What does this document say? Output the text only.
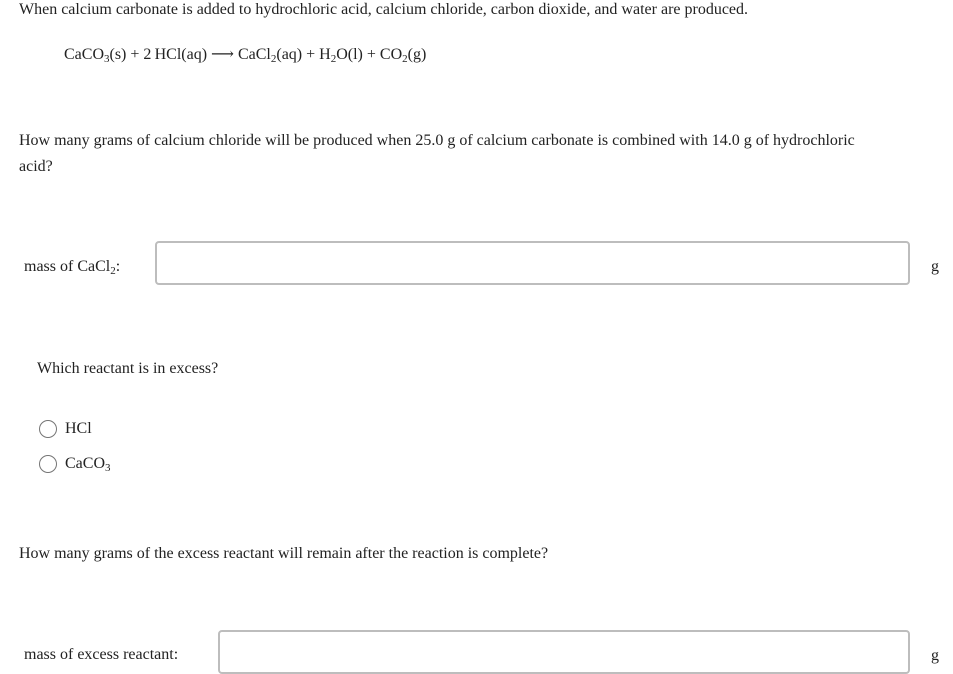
When calcium carbonate is added to hydrochloric acid, calcium chloride, carbon dioxide, and water are produced.
CaCO$_3$(s) + 2 HCl(aq) ⟶ CaCl$_2$(aq) + $H_2O(l) + CO_2(g)$
How many grams of calcium chloride will be produced when 25.0 g of calcium carbonate is combined with 14.0 g of hydrochloric acid?
mass of CaCl$_2$:	g
Which reactant is in excess?
HCl
CaCO$_3$
How many grams of the excess reactant will remain after the reaction is complete?
mass of excess reactant:	g
